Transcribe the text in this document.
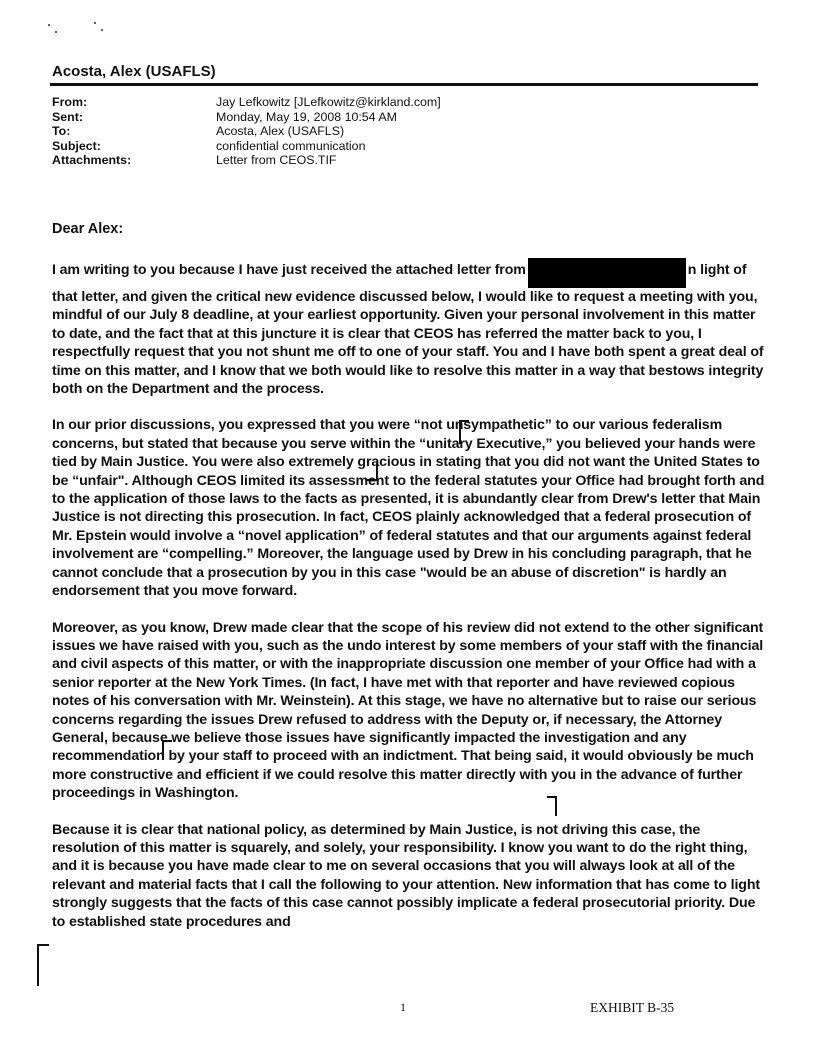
Acosta, Alex (USAFLS)
From:	Jay Lefkowitz [JLefkowitz@kirkland.com]
Sent:	Monday, May 19, 2008 10:54 AM
To:	Acosta, Alex (USAFLS)
Subject:	confidential communication
Attachments:	Letter from CEOS.TIF
Dear Alex:

I am writing to you because I have just received the attached letter from	n light of that letter, and given the critical new evidence discussed below, I would like to request a meeting with you, mindful of our July 8 deadline, at your earliest opportunity. Given your personal involvement in this matter to date, and the fact that at this juncture it is clear that CEOS has referred the matter back to you, I respectfully request that you not shunt me off to one of your staff. You and I have both spent a great deal of time on this matter, and I know that we both would like to resolve this matter in a way that bestows integrity both on the Department and the process.

In our prior discussions, you expressed that you were “not unsympathetic” to our various federalism concerns, but stated that because you serve within the “unitary Executive,” you believed your hands were tied by Main Justice. You were also extremely gracious in stating that you did not want the United States to be “unfair". Although CEOS limited its assessment to the federal statutes your Office had brought forth and to the application of those laws to the facts as presented, it is abundantly clear from Drew's letter that Main Justice is not directing this prosecution. In fact, CEOS plainly acknowledged that a federal prosecution of Mr. Epstein would involve a “novel application” of federal statutes and that our arguments against federal involvement are “compelling.” Moreover, the language used by Drew in his concluding paragraph, that he cannot conclude that a prosecution by you in this case "would be an abuse of discretion" is hardly an endorsement that you move forward.

Moreover, as you know, Drew made clear that the scope of his review did not extend to the other significant issues we have raised with you, such as the undo interest by some members of your staff with the financial and civil aspects of this matter, or with the inappropriate discussion one member of your Office had with a senior reporter at the New York Times. (In fact, I have met with that reporter and have reviewed copious notes of his conversation with Mr. Weinstein). At this stage, we have no alternative but to raise our serious concerns regarding the issues Drew refused to address with the Deputy or, if necessary, the Attorney General, because we believe those issues have significantly impacted the investigation and any recommendation by your staff to proceed with an indictment. That being said, it would obviously be much more constructive and efficient if we could resolve this matter directly with you in the advance of further proceedings in Washington.

Because it is clear that national policy, as determined by Main Justice, is not driving this case, the resolution of this matter is squarely, and solely, your responsibility. I know you want to do the right thing, and it is because you have made clear to me on several occasions that you will always look at all of the relevant and material facts that I call the following to your attention. New information that has come to light strongly suggests that the facts of this case cannot possibly implicate a federal prosecutorial priority. Due to established state procedures and

1	EXHIBIT B-35
